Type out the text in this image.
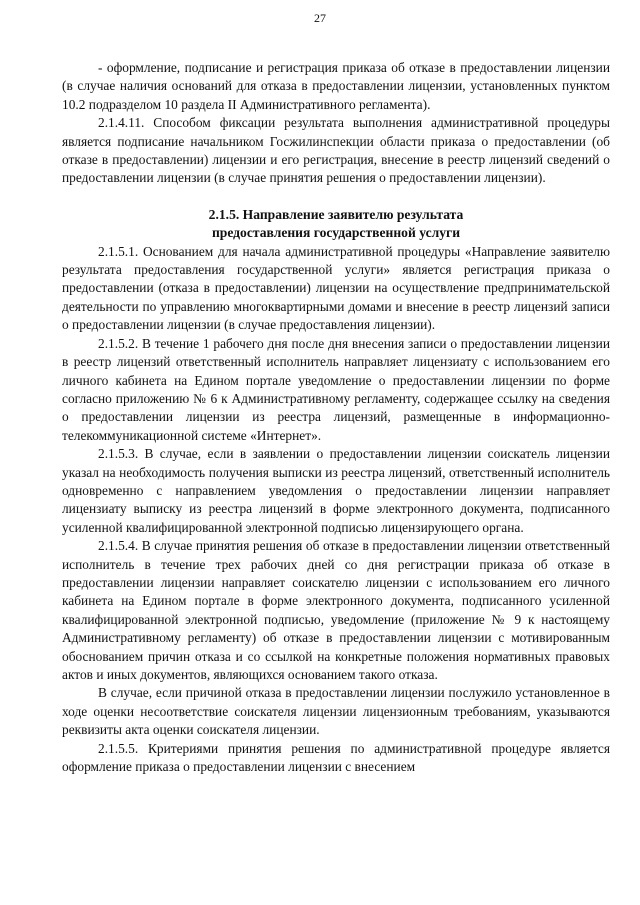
27

- оформление, подписание и регистрация приказа об отказе в предоставлении лицензии (в случае наличия оснований для отказа в предоставлении лицензии, установленных пунктом 10.2 подразделом 10 раздела II Административного регламента).

2.1.4.11. Способом фиксации результата выполнения административной процедуры является подписание начальником Госжилинспекции области приказа о предоставлении (об отказе в предоставлении) лицензии и его регистрация, внесение в реестр лицензий сведений о предоставлении лицензии (в случае принятия решения о предоставлении лицензии).

2.1.5. Направление заявителю результата
предоставления государственной услуги

2.1.5.1. Основанием для начала административной процедуры «Направление заявителю результата предоставления государственной услуги» является регистрация приказа о предоставлении (отказа в предоставлении) лицензии на осуществление предпринимательской деятельности по управлению многоквартирными домами и внесение в реестр лицензий записи о предоставлении лицензии (в случае предоставления лицензии).

2.1.5.2. В течение 1 рабочего дня после дня внесения записи о предоставлении лицензии в реестр лицензий ответственный исполнитель направляет лицензиату с использованием его личного кабинета на Едином портале уведомление о предоставлении лицензии по форме согласно приложению № 6 к Административному регламенту, содержащее ссылку на сведения о предоставлении лицензии из реестра лицензий, размещенные в информационно-телекоммуникационной системе «Интернет».

2.1.5.3. В случае, если в заявлении о предоставлении лицензии соискатель лицензии указал на необходимость получения выписки из реестра лицензий, ответственный исполнитель одновременно с направлением уведомления о предоставлении лицензии направляет лицензиату выписку из реестра лицензий в форме электронного документа, подписанного усиленной квалифицированной электронной подписью лицензирующего органа.

2.1.5.4. В случае принятия решения об отказе в предоставлении лицензии ответственный исполнитель в течение трех рабочих дней со дня регистрации приказа об отказе в предоставлении лицензии направляет соискателю лицензии с использованием его личного кабинета на Едином портале в форме электронного документа, подписанного усиленной квалифицированной электронной подписью, уведомление (приложение № 9 к настоящему Административному регламенту) об отказе в предоставлении лицензии с мотивированным обоснованием причин отказа и со ссылкой на конкретные положения нормативных правовых актов и иных документов, являющихся основанием такого отказа.

В случае, если причиной отказа в предоставлении лицензии послужило установленное в ходе оценки несоответствие соискателя лицензии лицензионным требованиям, указываются реквизиты акта оценки соискателя лицензии.

2.1.5.5. Критериями принятия решения по административной процедуре является оформление приказа о предоставлении лицензии с внесением
